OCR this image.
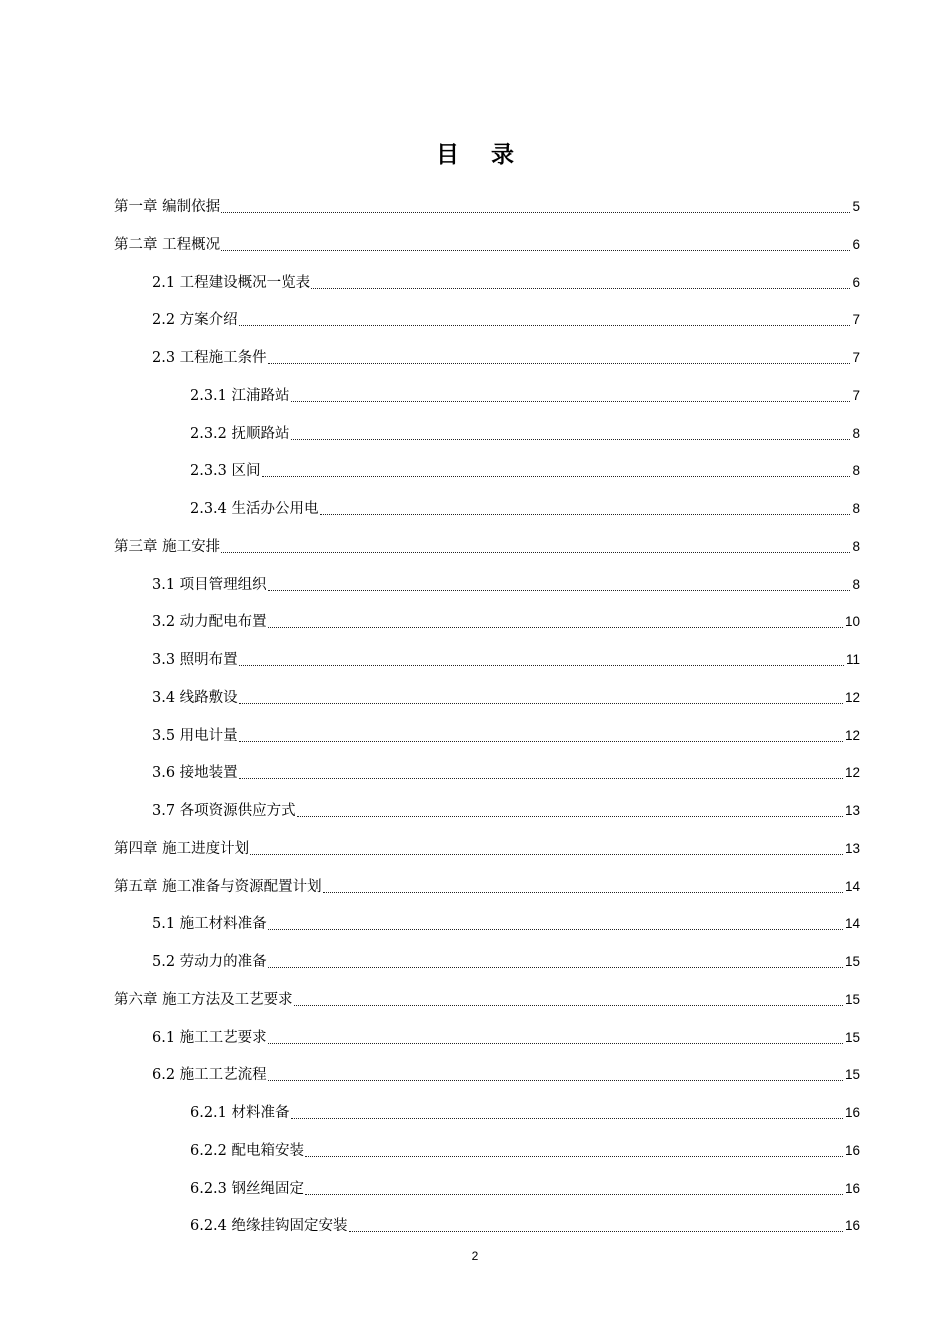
目 录
第一章 编制依据	5
第二章 工程概况	6
2.1 工程建设概况一览表	6
2.2 方案介绍	7
2.3 工程施工条件	7
2.3.1 江浦路站	7
2.3.2 抚顺路站	8
2.3.3 区间	8
2.3.4 生活办公用电	8
第三章 施工安排	8
3.1 项目管理组织	8
3.2 动力配电布置	10
3.3 照明布置	11
3.4 线路敷设	12
3.5 用电计量	12
3.6 接地装置	12
3.7 各项资源供应方式	13
第四章 施工进度计划	13
第五章 施工准备与资源配置计划	14
5.1 施工材料准备	14
5.2 劳动力的准备	15
第六章 施工方法及工艺要求	15
6.1 施工工艺要求	15
6.2 施工工艺流程	15
6.2.1 材料准备	16
6.2.2 配电箱安装	16
6.2.3 钢丝绳固定	16
6.2.4 绝缘挂钩固定安装	16
2
